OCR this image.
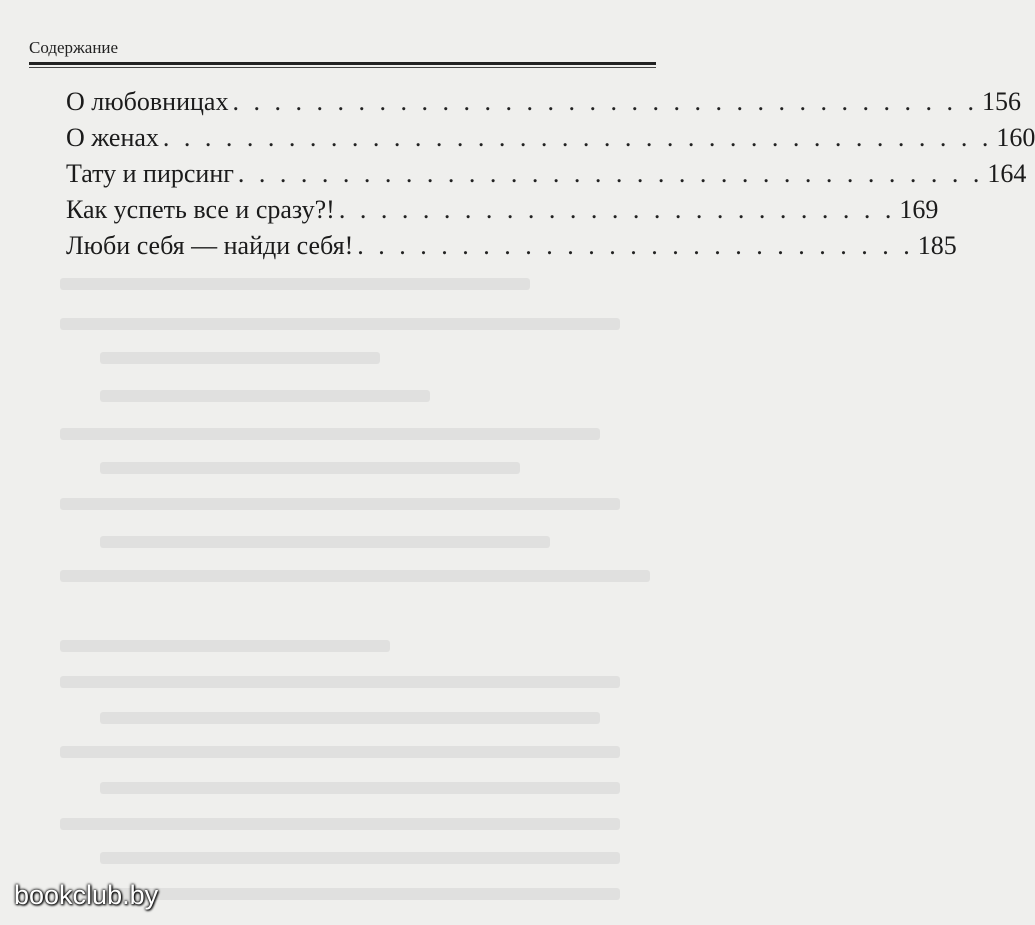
Содержание
О любовницах . . . . . . . . . . . . . . . . . . . . . . . . . . . . . . . . . . . . 156
О женах . . . . . . . . . . . . . . . . . . . . . . . . . . . . . . . . . . . . . . . . 160
Тату и пирсинг . . . . . . . . . . . . . . . . . . . . . . . . . . . . . . . . . . . . 164
Как успеть все и сразу?! . . . . . . . . . . . . . . . . . . . . . . . . . . . 169
Люби себя — найди себя! . . . . . . . . . . . . . . . . . . . . . . . . . . . 185
bookclub.by
